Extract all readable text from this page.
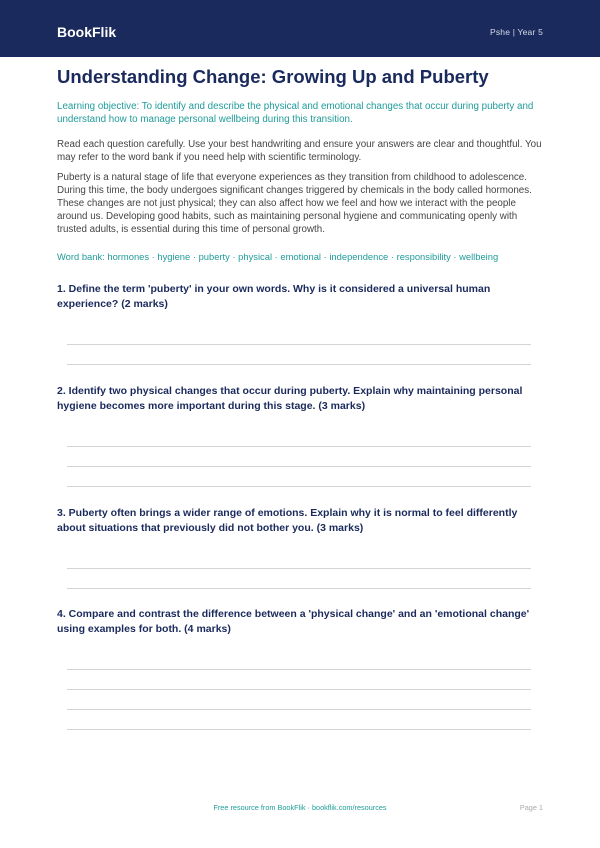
BookFlik	Pshe | Year 5
Understanding Change: Growing Up and Puberty

Learning objective: To identify and describe the physical and emotional changes that occur during puberty and understand how to manage personal wellbeing during this transition.

Read each question carefully. Use your best handwriting and ensure your answers are clear and thoughtful. You may refer to the word bank if you need help with scientific terminology.

Puberty is a natural stage of life that everyone experiences as they transition from childhood to adolescence. During this time, the body undergoes significant changes triggered by chemicals in the body called hormones. These changes are not just physical; they can also affect how we feel and how we interact with the people around us. Developing good habits, such as maintaining personal hygiene and communicating openly with trusted adults, is essential during this time of personal growth.

Word bank: hormones · hygiene · puberty · physical · emotional · independence · responsibility · wellbeing

1. Define the term 'puberty' in your own words. Why is it considered a universal human experience? (2 marks)

2. Identify two physical changes that occur during puberty. Explain why maintaining personal hygiene becomes more important during this stage. (3 marks)

3. Puberty often brings a wider range of emotions. Explain why it is normal to feel differently about situations that previously did not bother you. (3 marks)

4. Compare and contrast the difference between a 'physical change' and an 'emotional change' using examples for both. (4 marks)

Free resource from BookFlik · bookflik.com/resources	Page 1
